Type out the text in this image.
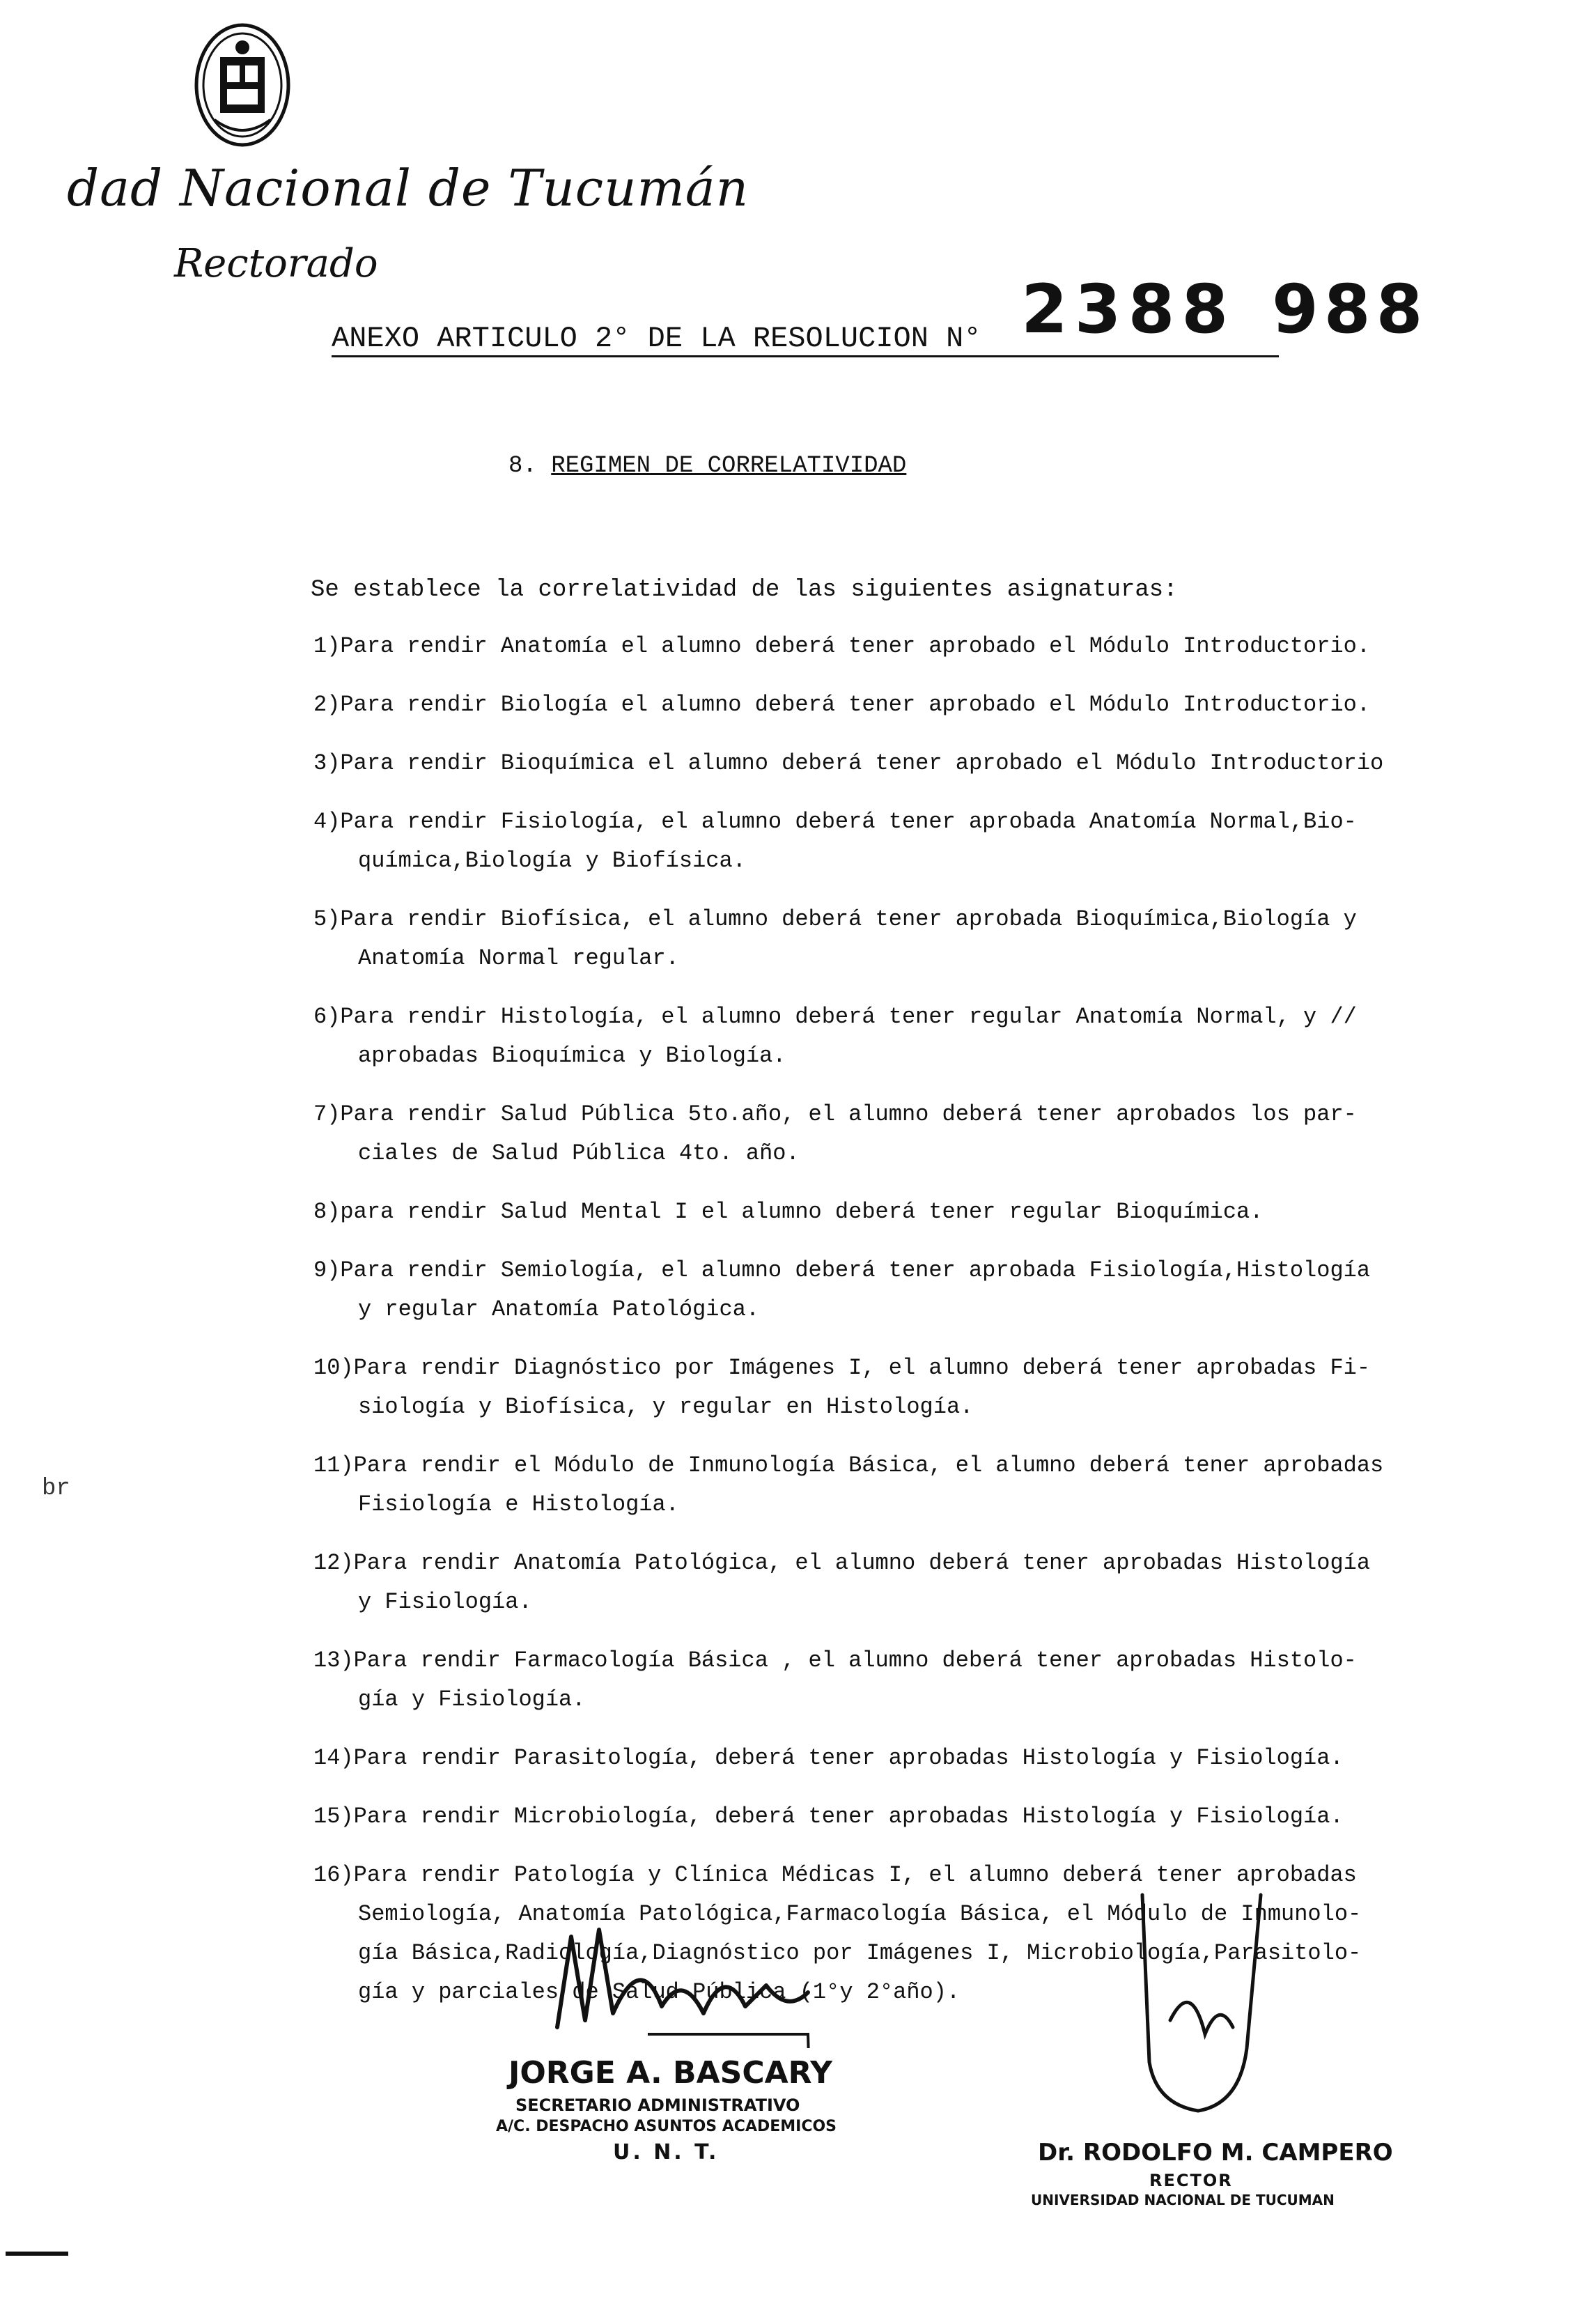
dad Nacional de Tucumán
Rectorado
ANEXO ARTICULO 2° DE LA RESOLUCION N° 2388 988
8. REGIMEN DE CORRELATIVIDAD
Se establece la correlatividad de las siguientes asignaturas:
1)Para rendir Anatomía el alumno deberá tener aprobado el Módulo Introductorio.
2)Para rendir Biología el alumno deberá tener aprobado el Módulo Introductorio.
3)Para rendir Bioquímica el alumno deberá tener aprobado el Módulo Introductorio
4)Para rendir Fisiología, el alumno deberá tener aprobada Anatomía Normal,Bio-
química,Biología y Biofísica.
5)Para rendir Biofísica, el alumno deberá tener aprobada Bioquímica,Biología y
Anatomía Normal regular.
6)Para rendir Histología, el alumno deberá tener regular Anatomía Normal, y //
aprobadas Bioquímica y Biología.
7)Para rendir Salud Pública 5to.año, el alumno deberá tener aprobados los par-
ciales de Salud Pública 4to. año.
8)para rendir Salud Mental I el alumno deberá tener regular Bioquímica.
9)Para rendir Semiología, el alumno deberá tener aprobada Fisiología,Histología
y regular Anatomía Patológica.
10)Para rendir Diagnóstico por Imágenes I, el alumno deberá tener aprobadas Fi-
siología y Biofísica, y regular en Histología.
11)Para rendir el Módulo de Inmunología Básica, el alumno deberá tener aprobadas
Fisiología e Histología.
12)Para rendir Anatomía Patológica, el alumno deberá tener aprobadas Histología
y Fisiología.
13)Para rendir Farmacología Básica , el alumno deberá tener aprobadas Histolo-
gía y Fisiología.
14)Para rendir Parasitología, deberá tener aprobadas Histología y Fisiología.
15)Para rendir Microbiología, deberá tener aprobadas Histología y Fisiología.
16)Para rendir Patología y Clínica Médicas I, el alumno deberá tener aprobadas
Semiología, Anatomía Patológica,Farmacología Básica, el Módulo de Inmunolo-
gía Básica,Radiología,Diagnóstico por Imágenes I, Microbiología,Parasitolo-
gía y parciales de Salud Pública (1°y 2°año).
JORGE A. BASCARY
SECRETARIO ADMINISTRATIVO
A/C. DESPACHO ASUNTOS ACADEMICOS
U. N. T.	Dr. RODOLFO M. CAMPERO
RECTOR
UNIVERSIDAD NACIONAL DE TUCUMAN
br
